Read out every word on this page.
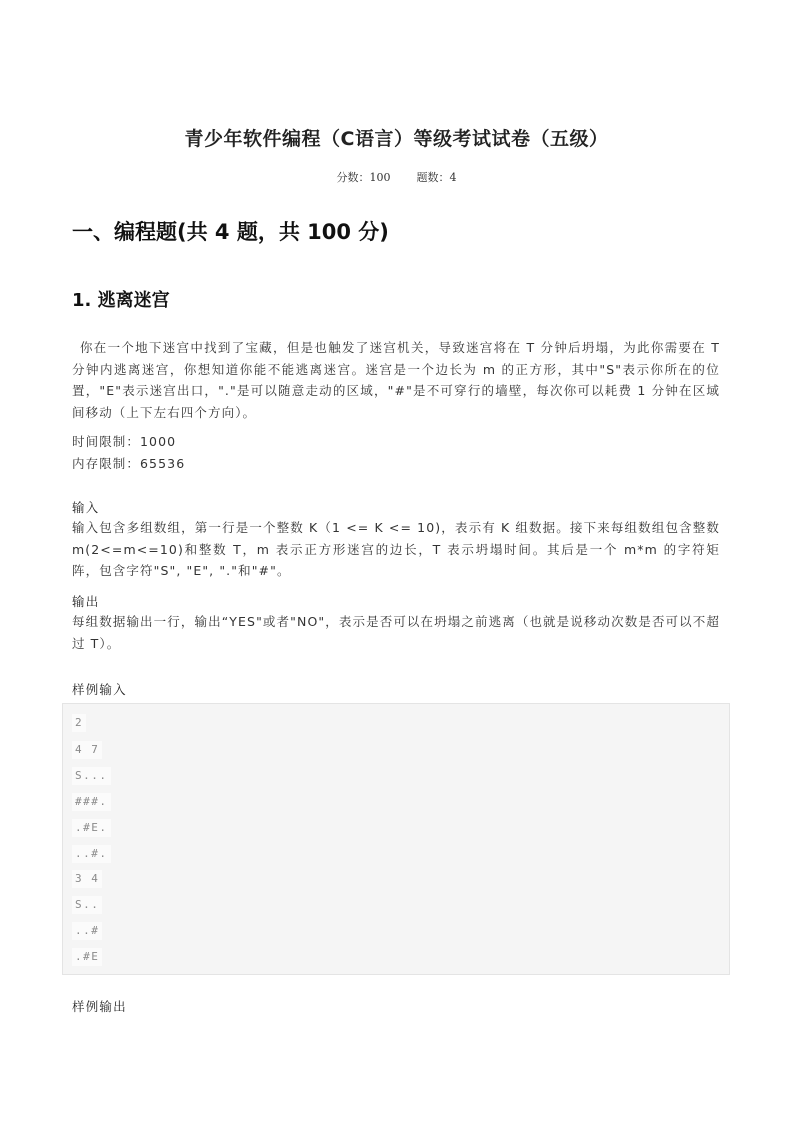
青少年软件编程（C语言）等级考试试卷（五级）
分数：100 题数：4
一、编程题(共 4 题，共 100 分)
1. 逃离迷宫
你在一个地下迷宫中找到了宝藏，但是也触发了迷宫机关，导致迷宫将在 T 分钟后坍塌，为此你需要在 T 分钟内逃离迷宫，你想知道你能不能逃离迷宫。迷宫是一个边长为 m 的正方形，其中"S"表示你所在的位置，"E"表示迷宫出口，"."是可以随意走动的区域，"#"是不可穿行的墙壁，每次你可以耗费 1 分钟在区域间移动（上下左右四个方向）。
时间限制：1000
内存限制：65536
输入
输入包含多组数组，第一行是一个整数 K（1 <= K <= 10)，表示有 K 组数据。接下来每组数组包含整数 m(2<=m<=10)和整数 T，m 表示正方形迷宫的边长，T 表示坍塌时间。其后是一个 m*m 的字符矩阵，包含字符"S", "E", "."和"#"。
输出
每组数据输出一行，输出“YES"或者"NO"，表示是否可以在坍塌之前逃离（也就是说移动次数是否可以不超过 T）。
样例输入
2
4 7
S...
###.
.#E.
..#.
3 4
S..
..#
.#E
样例输出
